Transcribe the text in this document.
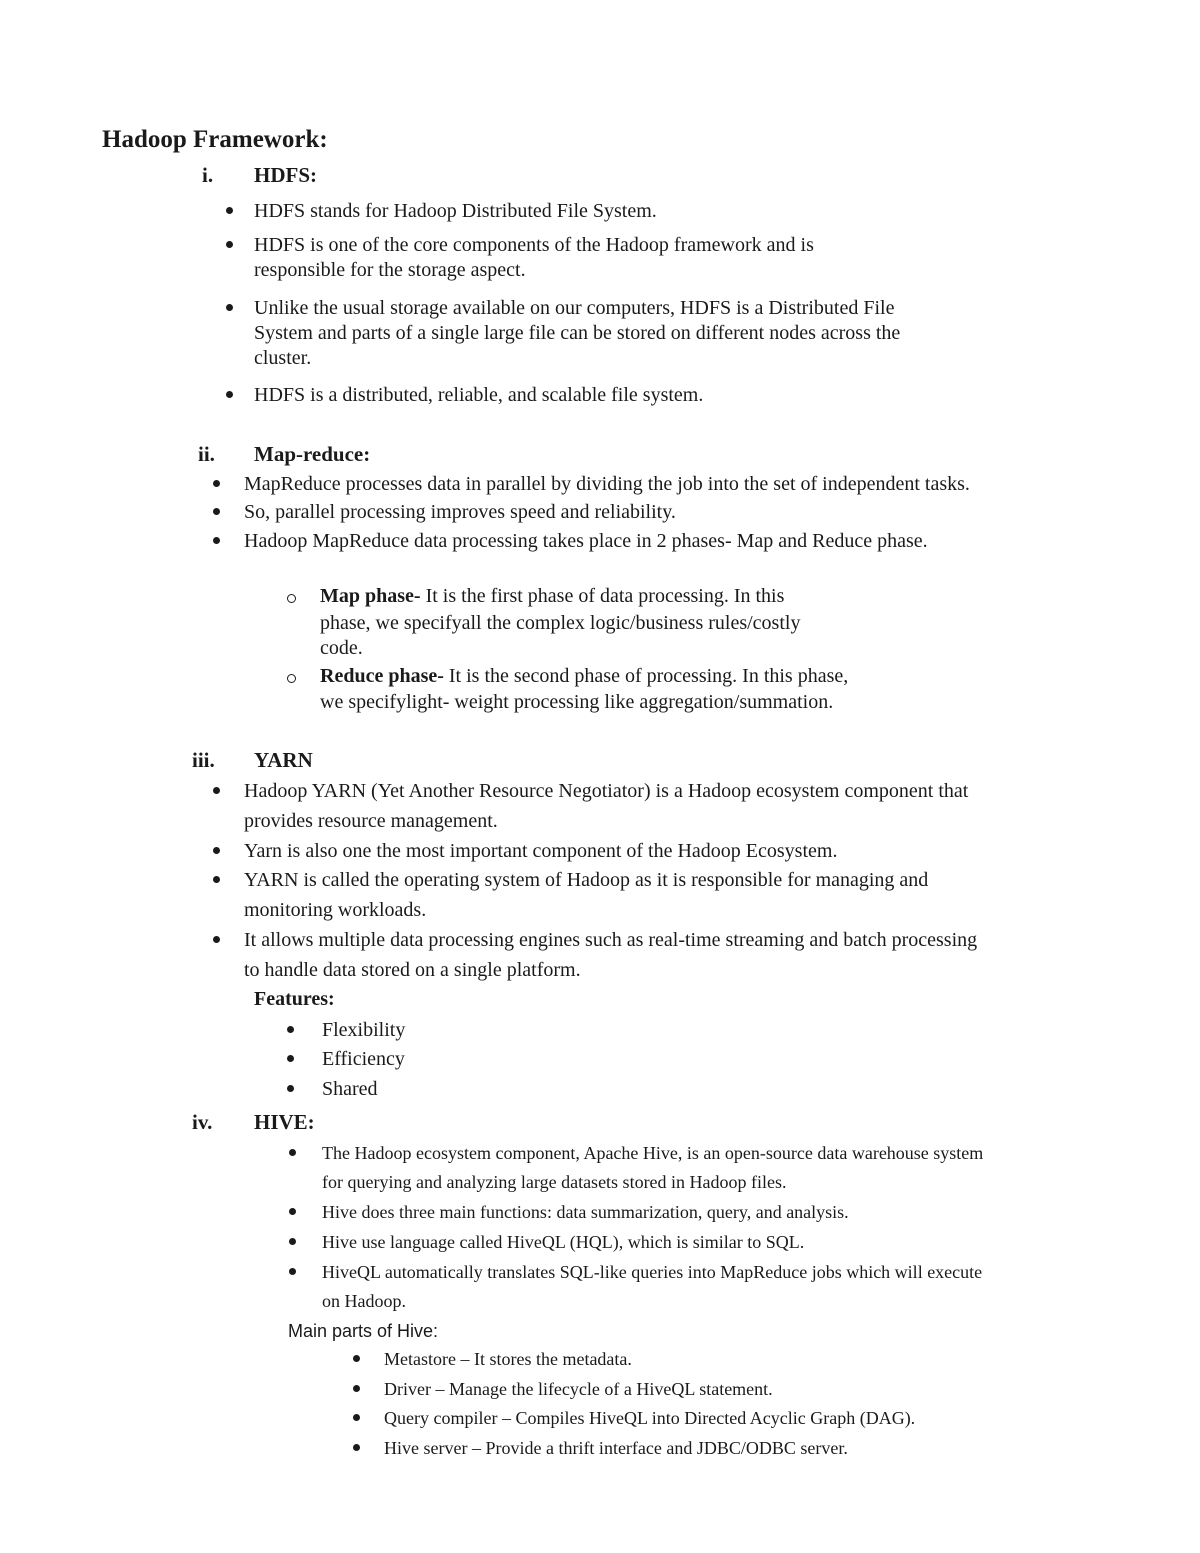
Hadoop Framework:
i. HDFS:
HDFS stands for Hadoop Distributed File System.
HDFS is one of the core components of the Hadoop framework and is
responsible for the storage aspect.
Unlike the usual storage available on our computers, HDFS is a Distributed File
System and parts of a single large file can be stored on different nodes across the
cluster.
HDFS is a distributed, reliable, and scalable file system.
ii. Map-reduce:
MapReduce processes data in parallel by dividing the job into the set of independent tasks.
So, parallel processing improves speed and reliability.
Hadoop MapReduce data processing takes place in 2 phases- Map and Reduce phase.
Map phase- It is the first phase of data processing. In this
phase, we specifyall the complex logic/business rules/costly
code.
Reduce phase- It is the second phase of processing. In this phase,
we specifylight- weight processing like aggregation/summation.
iii. YARN
Hadoop YARN (Yet Another Resource Negotiator) is a Hadoop ecosystem component that
provides resource management.
Yarn is also one the most important component of the Hadoop Ecosystem.
YARN is called the operating system of Hadoop as it is responsible for managing and
monitoring workloads.
It allows multiple data processing engines such as real-time streaming and batch processing
to handle data stored on a single platform.
Features:
Flexibility
Efficiency
Shared
iv. HIVE:
The Hadoop ecosystem component, Apache Hive, is an open-source data warehouse system
for querying and analyzing large datasets stored in Hadoop files.
Hive does three main functions: data summarization, query, and analysis.
Hive use language called HiveQL (HQL), which is similar to SQL.
HiveQL automatically translates SQL-like queries into MapReduce jobs which will execute
on Hadoop.
Main parts of Hive:
Metastore – It stores the metadata.
Driver – Manage the lifecycle of a HiveQL statement.
Query compiler – Compiles HiveQL into Directed Acyclic Graph (DAG).
Hive server – Provide a thrift interface and JDBC/ODBC server.
